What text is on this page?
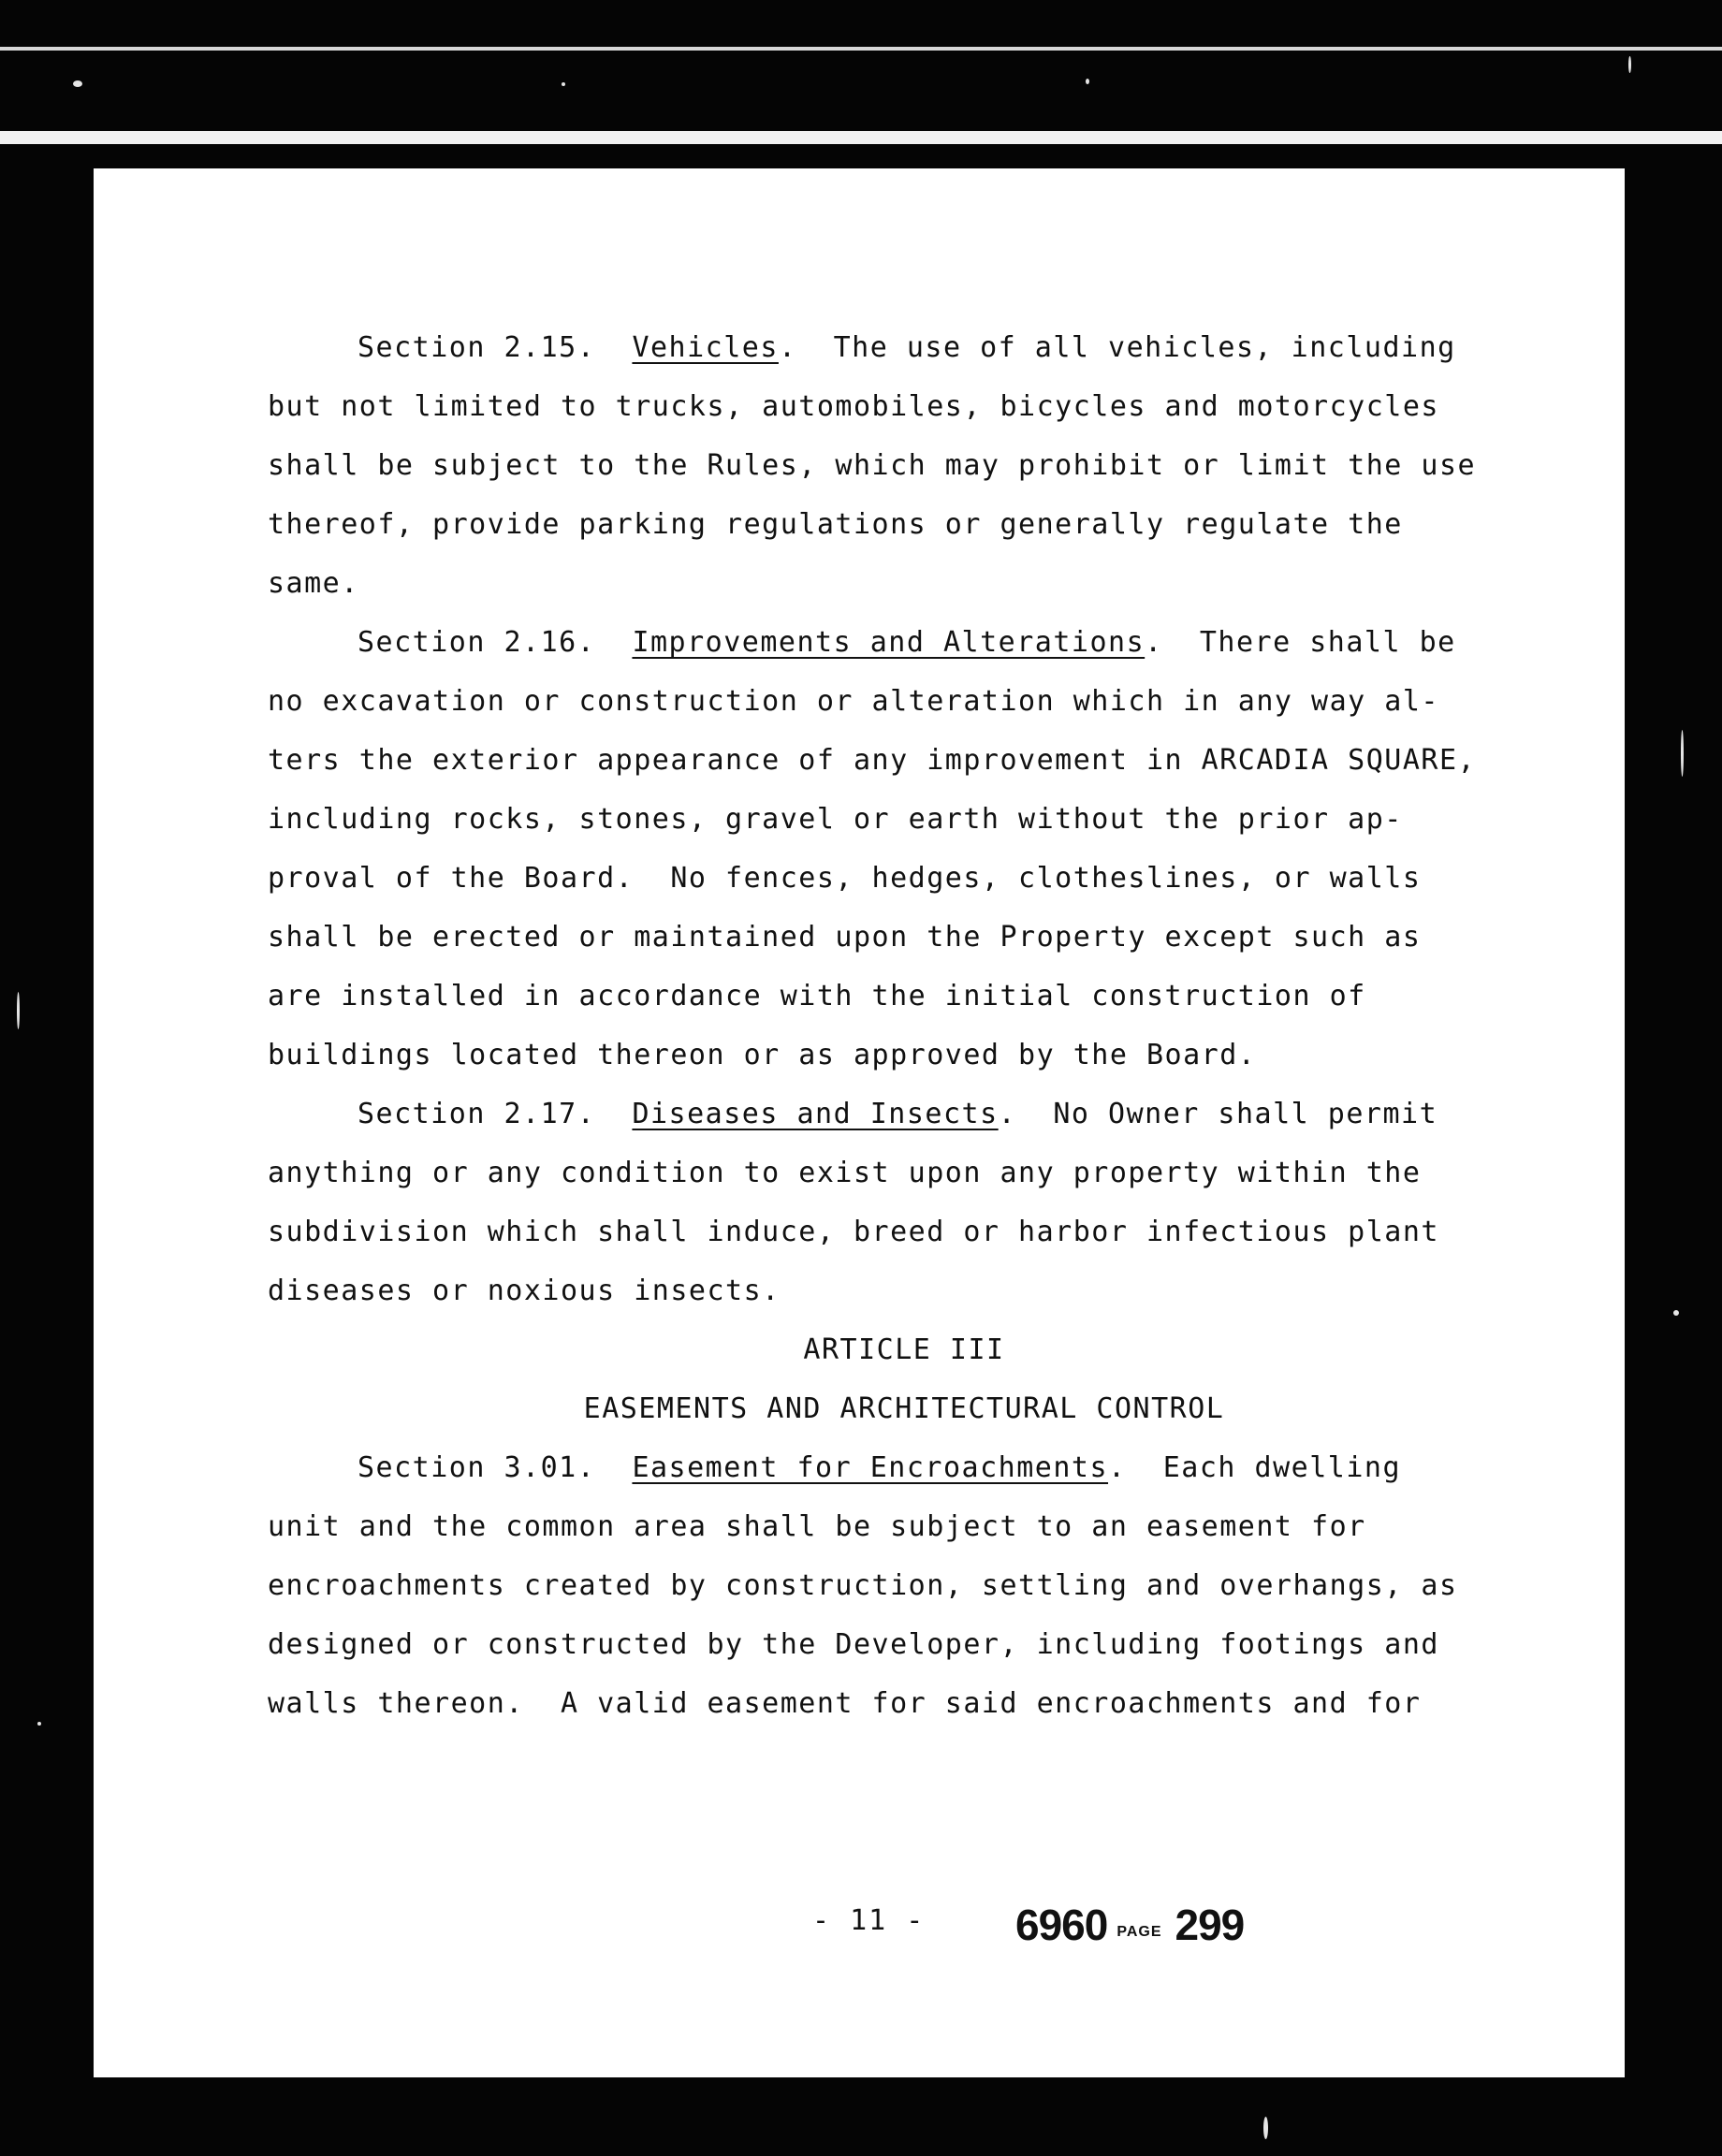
Section 2.15. Vehicles.  The use of all vehicles, including
but not limited to trucks, automobiles, bicycles and motorcycles
shall be subject to the Rules, which may prohibit or limit the use
thereof, provide parking regulations or generally regulate the
same.

Section 2.16. Improvements and Alterations.  There shall be
no excavation or construction or alteration which in any way al-
ters the exterior appearance of any improvement in ARCADIA SQUARE,
including rocks, stones, gravel or earth without the prior ap-
proval of the Board.  No fences, hedges, clotheslines, or walls
shall be erected or maintained upon the Property except such as
are installed in accordance with the initial construction of
buildings located thereon or as approved by the Board.

Section 2.17. Diseases and Insects.  No Owner shall permit
anything or any condition to exist upon any property within the
subdivision which shall induce, breed or harbor infectious plant
diseases or noxious insects.

ARTICLE III
EASEMENTS AND ARCHITECTURAL CONTROL

Section 3.01. Easement for Encroachments.  Each dwelling
unit and the common area shall be subject to an easement for
encroachments created by construction, settling and overhangs, as
designed or constructed by the Developer, including footings and
walls thereon.  A valid easement for said encroachments and for

- 11 - 6960 PAGE 299
